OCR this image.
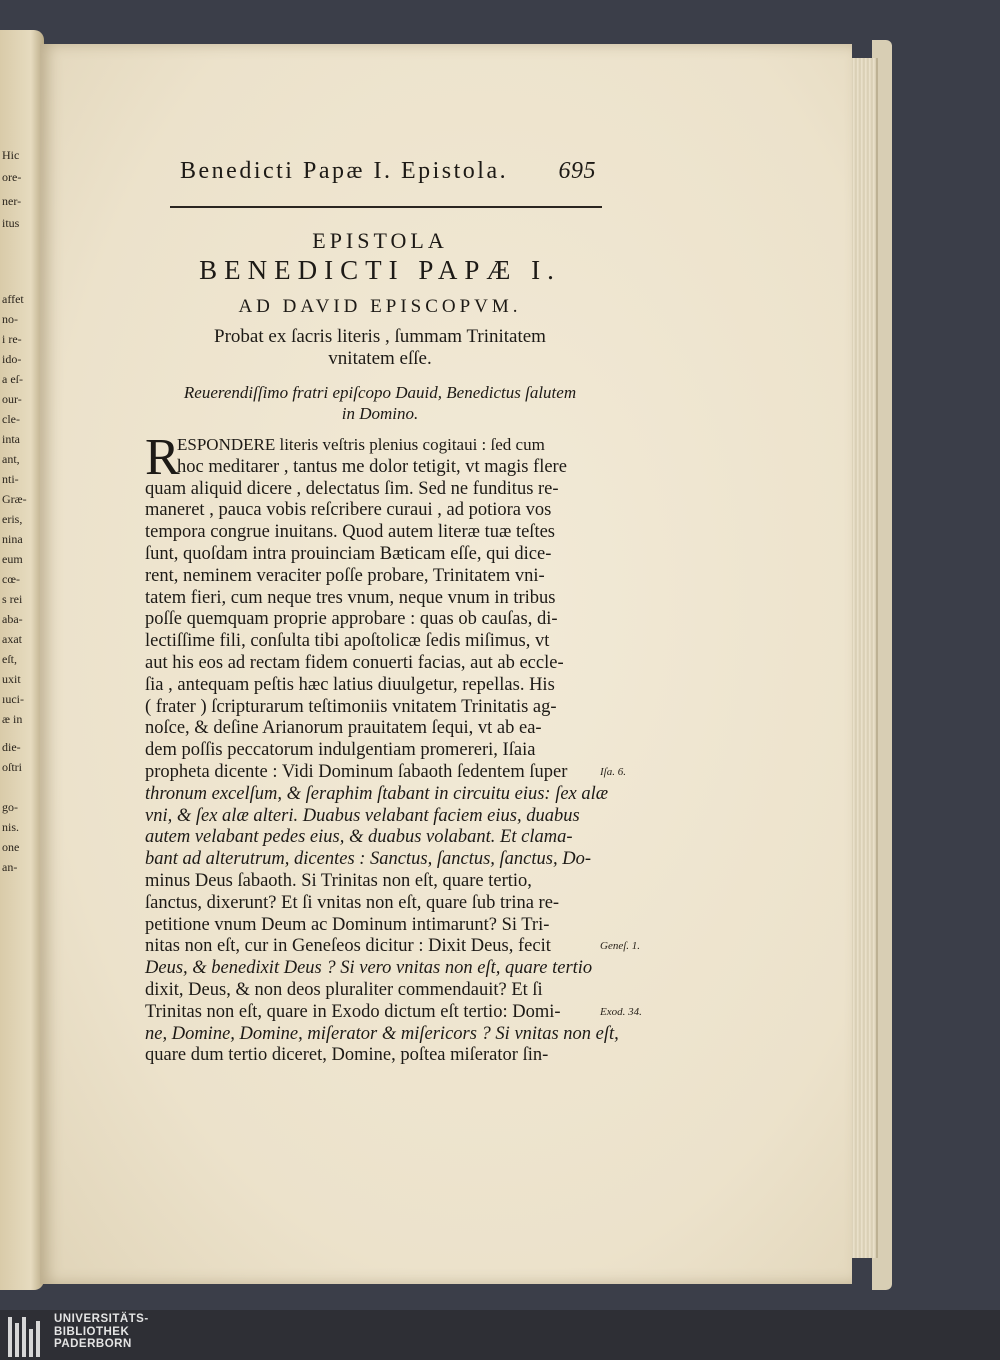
Hic
ore-
ner-
itus
affet
no-
i re-
ido-
a eſ-
our-
cle-
inta
ant,
nti-
Græ-
eris,
nina
eum
cœ-
s rei
aba-
axat
eſt,
uxit
ıuci-
æ in
die-
oſtri
go-
nis.
one
an-
Benedicti Papæ I. Epistola. 695
EPISTOLA
BENEDICTI PAPÆ I.
AD DAVID EPISCOPVM.
Probat ex ſacris literis , ſummam Trinitatem
vnitatem eſſe.
Reuerendiſſimo fratri epiſcopo Dauid, Benedictus ſalutem
in Domino.
R
ESPONDERE literis veſtris plenius cogitaui : ſed cum
hoc meditarer , tantus me dolor tetigit, vt magis flere
quam aliquid dicere , delectatus ſim. Sed ne funditus re-
maneret , pauca vobis reſcribere curaui , ad potiora vos
tempora congrue inuitans. Quod autem literæ tuæ teſtes
ſunt, quoſdam intra prouinciam Bæticam eſſe, qui dice-
rent, neminem veraciter poſſe probare, Trinitatem vni-
tatem fieri, cum neque tres vnum, neque vnum in tribus
poſſe quemquam proprie approbare : quas ob cauſas, di-
lectiſſime fili, conſulta tibi apoſtolicæ ſedis miſimus, vt
aut his eos ad rectam fidem conuerti facias, aut ab eccle-
ſia , antequam peſtis hæc latius diuulgetur, repellas. His
( frater ) ſcripturarum teſtimoniis vnitatem Trinitatis ag-
noſce, & deſine Arianorum prauitatem ſequi, vt ab ea-
dem poſſis peccatorum indulgentiam promereri, Iſaia
propheta dicente : Vidi Dominum ſabaoth ſedentem ſuper
thronum excelſum, & ſeraphim ſtabant in circuitu eius: ſex alæ
vni, & ſex alæ alteri. Duabus velabant faciem eius, duabus
autem velabant pedes eius, & duabus volabant. Et clama-
bant ad alterutrum, dicentes : Sanctus, ſanctus, ſanctus, Do-
minus Deus ſabaoth. Si Trinitas non eſt, quare tertio,
ſanctus, dixerunt? Et ſi vnitas non eſt, quare ſub trina re-
petitione vnum Deum ac Dominum intimarunt? Si Tri-
nitas non eſt, cur in Geneſeos dicitur : Dixit Deus, fecit
Deus, & benedixit Deus ? Si vero vnitas non eſt, quare tertio
dixit, Deus, & non deos pluraliter commendauit? Et ſi
Trinitas non eſt, quare in Exodo dictum eſt tertio: Domi-
ne, Domine, Domine, miſerator & miſericors ? Si vnitas non eſt,
quare dum tertio diceret, Domine, poſtea miſerator ſin-
UNIVERSITÄTS-
BIBLIOTHEK
PADERBORN
Iſa. 6.
Geneſ. 1.
Exod. 34.
